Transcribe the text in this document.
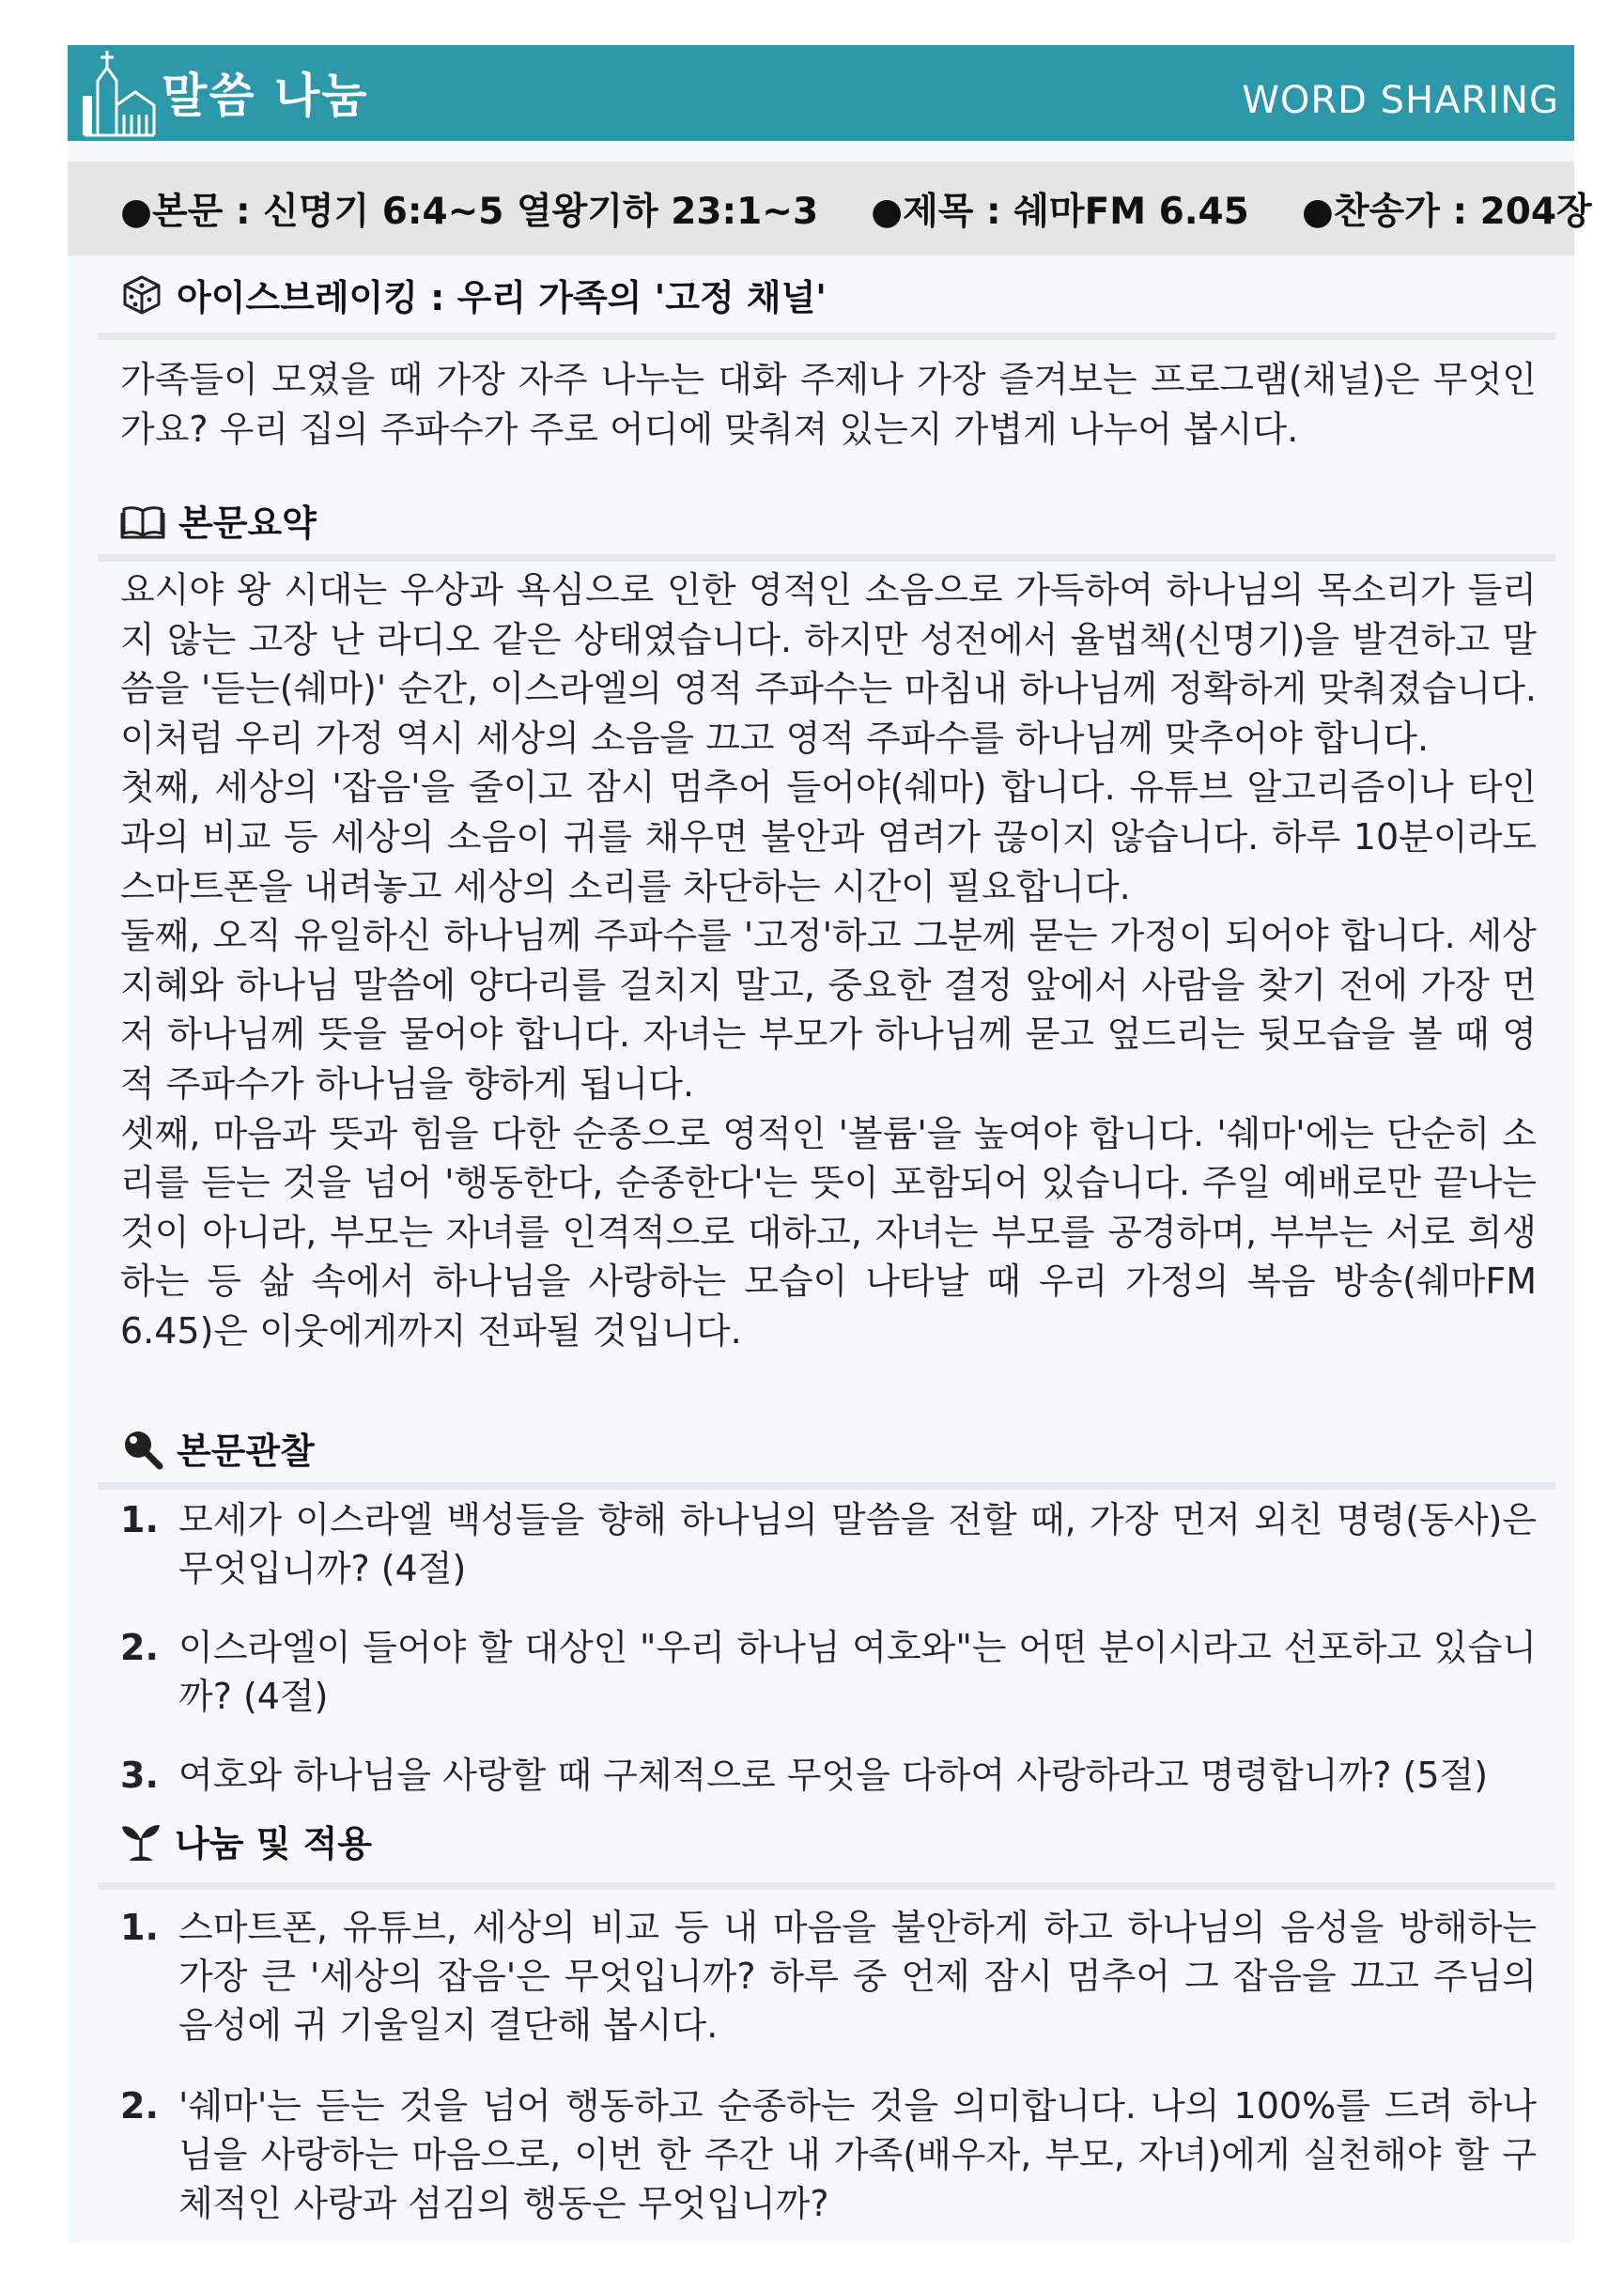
말씀 나눔	WORD SHARING
●본문 : 신명기 6:4~5 열왕기하 23:1~3 ●제목 : 쉐마FM 6.45 ●찬송가 : 204장
아이스브레이킹 : 우리 가족의 '고정 채널'
가족들이 모였을 때 가장 자주 나누는 대화 주제나 가장 즐겨보는 프로그램(채널)은 무엇인가요? 우리 집의 주파수가 주로 어디에 맞춰져 있는지 가볍게 나누어 봅시다.
본문요약
요시야 왕 시대는 우상과 욕심으로 인한 영적인 소음으로 가득하여 하나님의 목소리가 들리지 않는 고장 난 라디오 같은 상태였습니다. 하지만 성전에서 율법책(신명기)을 발견하고 말씀을 '듣는(쉐마)' 순간, 이스라엘의 영적 주파수는 마침내 하나님께 정확하게 맞춰졌습니다. 이처럼 우리 가정 역시 세상의 소음을 끄고 영적 주파수를 하나님께 맞추어야 합니다.
첫째, 세상의 '잡음'을 줄이고 잠시 멈추어 들어야(쉐마) 합니다. 유튜브 알고리즘이나 타인과의 비교 등 세상의 소음이 귀를 채우면 불안과 염려가 끊이지 않습니다. 하루 10분이라도 스마트폰을 내려놓고 세상의 소리를 차단하는 시간이 필요합니다.
둘째, 오직 유일하신 하나님께 주파수를 '고정'하고 그분께 묻는 가정이 되어야 합니다. 세상 지혜와 하나님 말씀에 양다리를 걸치지 말고, 중요한 결정 앞에서 사람을 찾기 전에 가장 먼저 하나님께 뜻을 물어야 합니다. 자녀는 부모가 하나님께 묻고 엎드리는 뒷모습을 볼 때 영적 주파수가 하나님을 향하게 됩니다.
셋째, 마음과 뜻과 힘을 다한 순종으로 영적인 '볼륨'을 높여야 합니다. '쉐마'에는 단순히 소리를 듣는 것을 넘어 '행동한다, 순종한다'는 뜻이 포함되어 있습니다. 주일 예배로만 끝나는 것이 아니라, 부모는 자녀를 인격적으로 대하고, 자녀는 부모를 공경하며, 부부는 서로 희생하는 등 삶 속에서 하나님을 사랑하는 모습이 나타날 때 우리 가정의 복음 방송(쉐마FM 6.45)은 이웃에게까지 전파될 것입니다.
본문관찰
1. 모세가 이스라엘 백성들을 향해 하나님의 말씀을 전할 때, 가장 먼저 외친 명령(동사)은 무엇입니까? (4절)
2. 이스라엘이 들어야 할 대상인 "우리 하나님 여호와"는 어떤 분이시라고 선포하고 있습니까? (4절)
3. 여호와 하나님을 사랑할 때 구체적으로 무엇을 다하여 사랑하라고 명령합니까? (5절)
나눔 및 적용
1. 스마트폰, 유튜브, 세상의 비교 등 내 마음을 불안하게 하고 하나님의 음성을 방해하는 가장 큰 '세상의 잡음'은 무엇입니까? 하루 중 언제 잠시 멈추어 그 잡음을 끄고 주님의 음성에 귀 기울일지 결단해 봅시다.
2. '쉐마'는 듣는 것을 넘어 행동하고 순종하는 것을 의미합니다. 나의 100%를 드려 하나님을 사랑하는 마음으로, 이번 한 주간 내 가족(배우자, 부모, 자녀)에게 실천해야 할 구체적인 사랑과 섬김의 행동은 무엇입니까?
